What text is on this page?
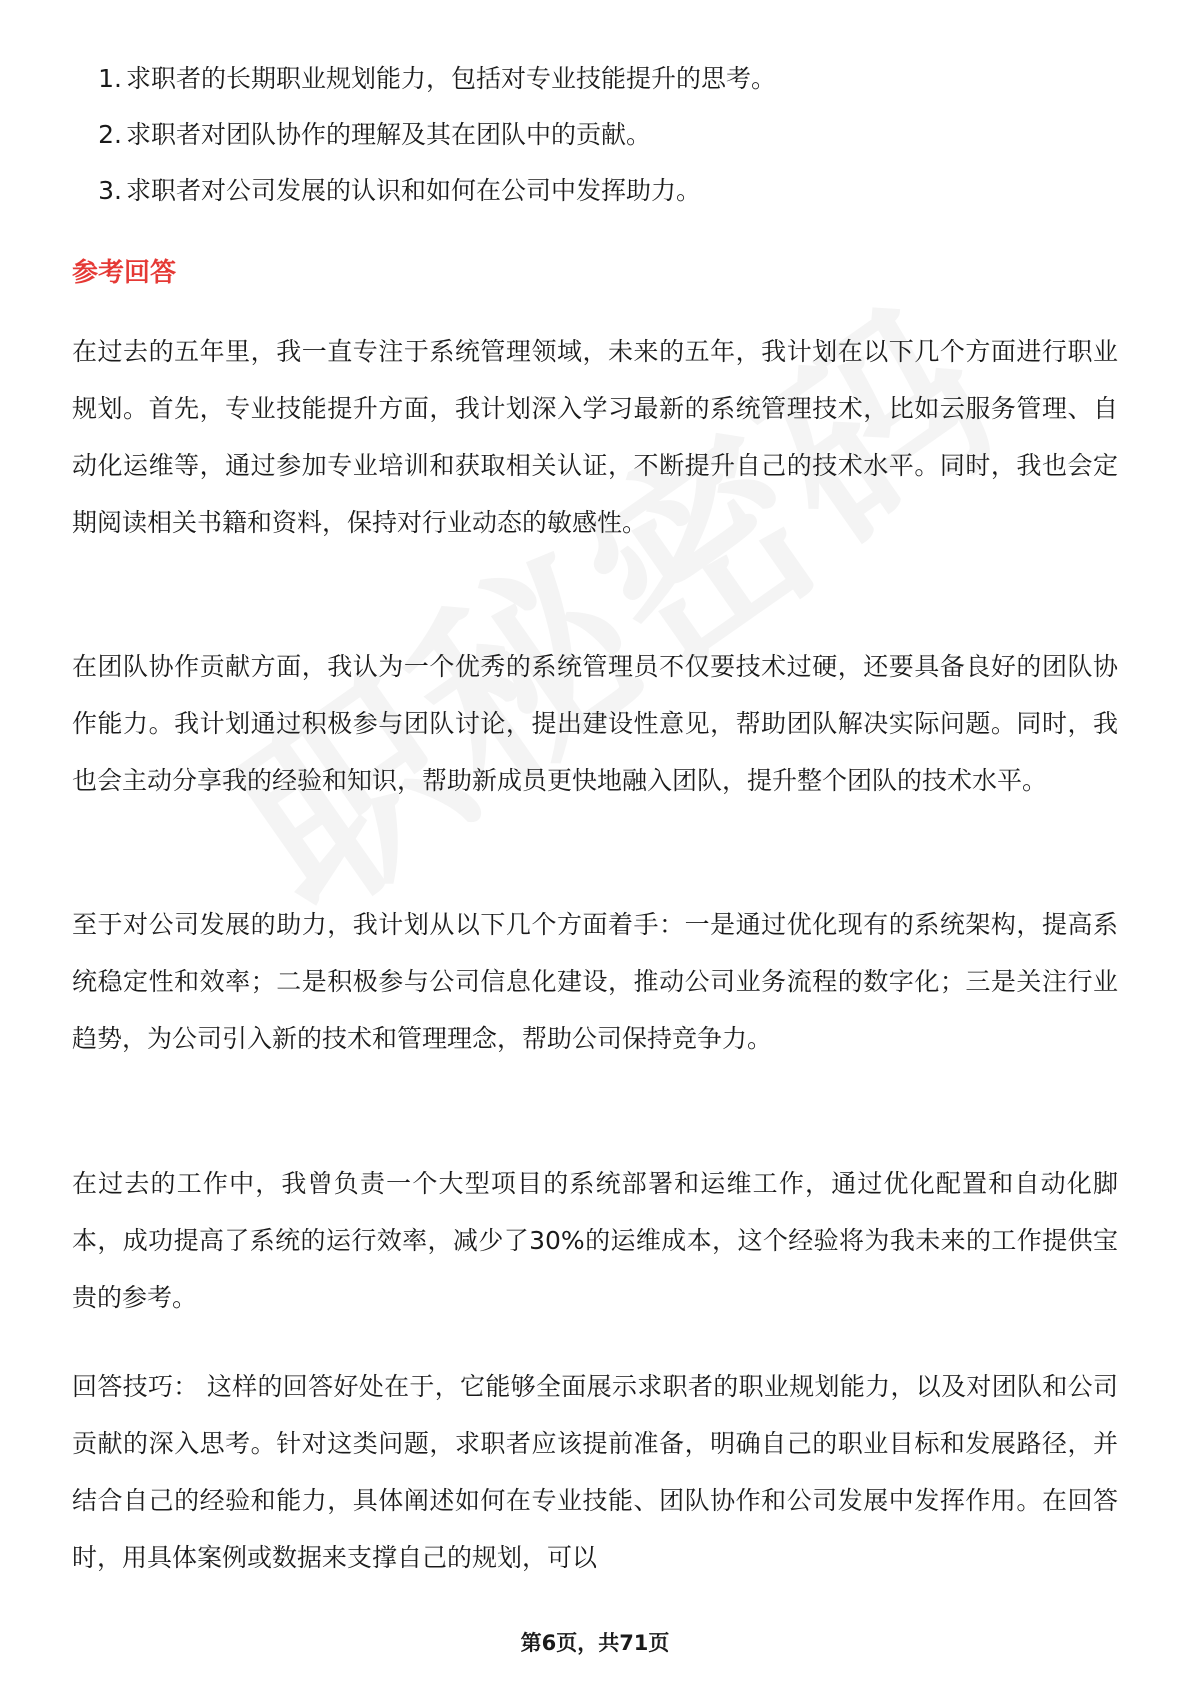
1. 求职者的长期职业规划能力，包括对专业技能提升的思考。
2. 求职者对团队协作的理解及其在团队中的贡献。
3. 求职者对公司发展的认识和如何在公司中发挥助力。
参考回答

在过去的五年里，我一直专注于系统管理领域，未来的五年，我计划在以下几个方面进行职业规划。首先，专业技能提升方面，我计划深入学习最新的系统管理技术，比如云服务管理、自动化运维等，通过参加专业培训和获取相关认证，不断提升自己的技术水平。同时，我也会定期阅读相关书籍和资料，保持对行业动态的敏感性。

在团队协作贡献方面，我认为一个优秀的系统管理员不仅要技术过硬，还要具备良好的团队协作能力。我计划通过积极参与团队讨论，提出建设性意见，帮助团队解决实际问题。同时，我也会主动分享我的经验和知识，帮助新成员更快地融入团队，提升整个团队的技术水平。

至于对公司发展的助力，我计划从以下几个方面着手：一是通过优化现有的系统架构，提高系统稳定性和效率；二是积极参与公司信息化建设，推动公司业务流程的数字化；三是关注行业趋势，为公司引入新的技术和管理理念，帮助公司保持竞争力。

在过去的工作中，我曾负责一个大型项目的系统部署和运维工作，通过优化配置和自动化脚本，成功提高了系统的运行效率，减少了30%的运维成本，这个经验将为我未来的工作提供宝贵的参考。

回答技巧： 这样的回答好处在于，它能够全面展示求职者的职业规划能力，以及对团队和公司贡献的深入思考。针对这类问题，求职者应该提前准备，明确自己的职业目标和发展路径，并结合自己的经验和能力，具体阐述如何在专业技能、团队协作和公司发展中发挥作用。在回答时，用具体案例或数据来支撑自己的规划，可以

第6页，共71页
